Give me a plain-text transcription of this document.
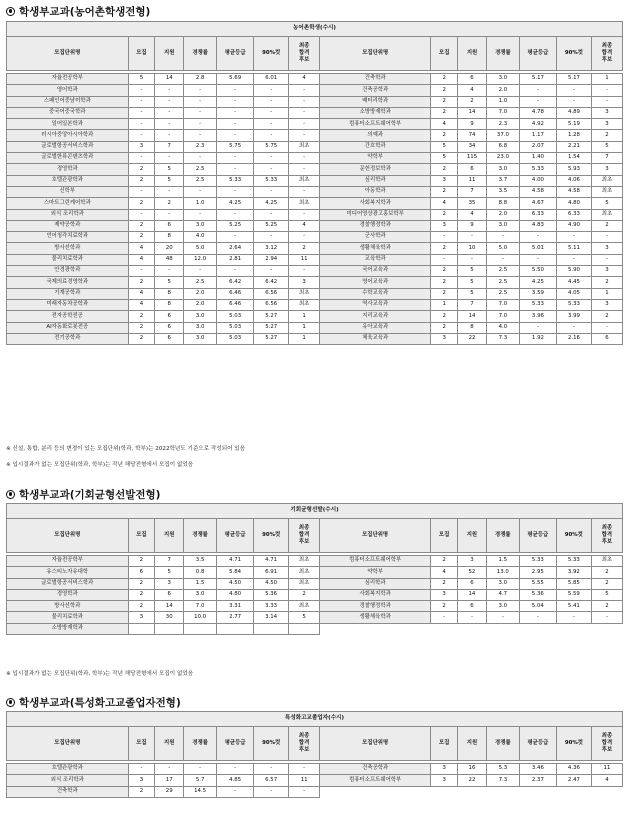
학생부교과(농어촌학생전형)
농어촌학생(수시)													
모집단위명	모집	지원	경쟁률	평균등급	90%컷	최종
합격
후보	모집단위명	모집	지원	경쟁률	평균등급	90%컷	최종
합격
후보

자율전공학부	5	14	2.8	5.69	6.01	4	건축학과	2	6	3.0	5.17	5.17	1
영어학과	-	-	-	-	-	-	건축공학과	2	4	2.0	-	-	-
스페인어중남미학과	-	-	-	-	-	-	배터리학과	2	2	1.0	-	-	-
중국어중국학과	-	-	-	-	-	-	소방방재학과	2	14	7.0	4.78	4.89	3
일어일본학과	-	-	-	-	-	-	컴퓨터소프트웨어학부	4	9	2.3	4.92	5.19	3
러시아중앙아시아학과	-	-	-	-	-	-	의예과	2	74	37.0	1.17	1.28	2
글로벌항공서비스학과	3	7	2.3	5.75	5.75	최초	간호학과	5	34	6.8	2.07	2.21	5
글로벌한류콘텐츠학과	-	-	-	-	-	-	약학부	5	115	23.0	1.40	1.54	7
경영학과	2	5	2.5	-	-	-	문헌정보학과	2	6	3.0	5.33	5.93	3
호텔관광학과	2	5	2.5	5.33	5.33	최초	심리학과	3	11	3.7	4.00	4.06	최초
신학부	-	-	-	-	-	-	아동학과	2	7	3.5	4.58	4.58	최초
스마트그린케어학과	2	2	1.0	4.25	4.25	최초	사회복지학과	4	35	8.8	4.67	4.80	5
외식 조리학과	-	-	-	-	-	-	미디어영상광고홍보학부	2	4	2.0	6.33	6.33	최초
제약공학과	2	6	3.0	5.25	5.25	4	경찰행정학과	3	9	3.0	4.83	4.90	2
언어청각치료학과	2	8	4.0	-	-	-	군사학과	-	-	-	-	-	-
방사선학과	4	20	5.0	2.64	3.12	2	생활체육학과	2	10	5.0	5.01	5.11	3
물리치료학과	4	48	12.0	2.81	2.94	11	교육학과	-	-	-	-	-	-
안경광학과	-	-	-	-	-	-	국어교육과	2	5	2.5	5.50	5.90	3
국제의료경영학과	2	5	2.5	6.42	6.42	3	영어교육과	2	5	2.5	4.25	4.45	2
기계공학과	4	8	2.0	6.46	6.56	최초	수학교육과	2	5	2.5	3.59	4.05	1
미래자동차공학과	4	8	2.0	6.46	6.56	최초	역사교육과	1	7	7.0	5.33	5.33	3
전자공학전공	2	6	3.0	5.03	5.27	1	지리교육과	2	14	7.0	3.96	3.99	2
AI자동화로봇전공	2	6	3.0	5.03	5.27	1	유아교육과	2	8	4.0	-	-	-
전기공학과	2	6	3.0	5.03	5.27	1	체육교육과	3	22	7.3	1.92	2.16	6
※ 신설, 통합, 분리 등의 변경이 있는 모집단위(학과, 학부)는 2022학년도 기준으로 작성되어 있음
※ 입시결과가 없는 모집단위(학과, 학부)는 작년 해당전형에서 모집이 없었음
학생부교과(기회균형선발전형)
기회균형선발(수시)													
모집단위명	모집	지원	경쟁률	평균등급	90%컷	최종
합격
후보	모집단위명	모집	지원	경쟁률	평균등급	90%컷	최종
합격
후보

자율전공학부	2	7	3.5	4.71	4.71	최초	컴퓨터소프트웨어학부	2	3	1.5	5.33	5.33	최초
유스티노자유대학	6	5	0.8	5.84	6.91	최초	약학부	4	52	13.0	2.95	3.92	2
글로벌항공서비스학과	2	3	1.5	4.50	4.50	최초	심리학과	2	6	3.0	5.55	5.85	2
경영학과	2	6	3.0	4.80	5.36	2	사회복지학과	3	14	4.7	5.36	5.59	5
방사선학과	2	14	7.0	3.31	3.33	최초	경찰행정학과	2	6	3.0	5.04	5.41	2
물리치료학과	3	30	10.0	2.77	3.14	5	생활체육학과	-	-	-	-	-	-
소방방재학과													
※ 입시결과가 없는 모집단위(학과, 학부)는 작년 해당전형에서 모집이 없었음
학생부교과(특성화고교졸업자전형)
특성화고교졸업자(수시)													
모집단위명	모집	지원	경쟁률	평균등급	90%컷	최종
합격
후보	모집단위명	모집	지원	경쟁률	평균등급	90%컷	최종
합격
후보

호텔관광학과	-	-	-	-	-	-	건축공학과	3	16	5.3	3.46	4.36	11
외식 조리학과	3	17	5.7	4.85	6.57	11	컴퓨터소프트웨어학부	3	22	7.3	2.37	2.47	4
건축학과	2	29	14.5	-	-	-							
